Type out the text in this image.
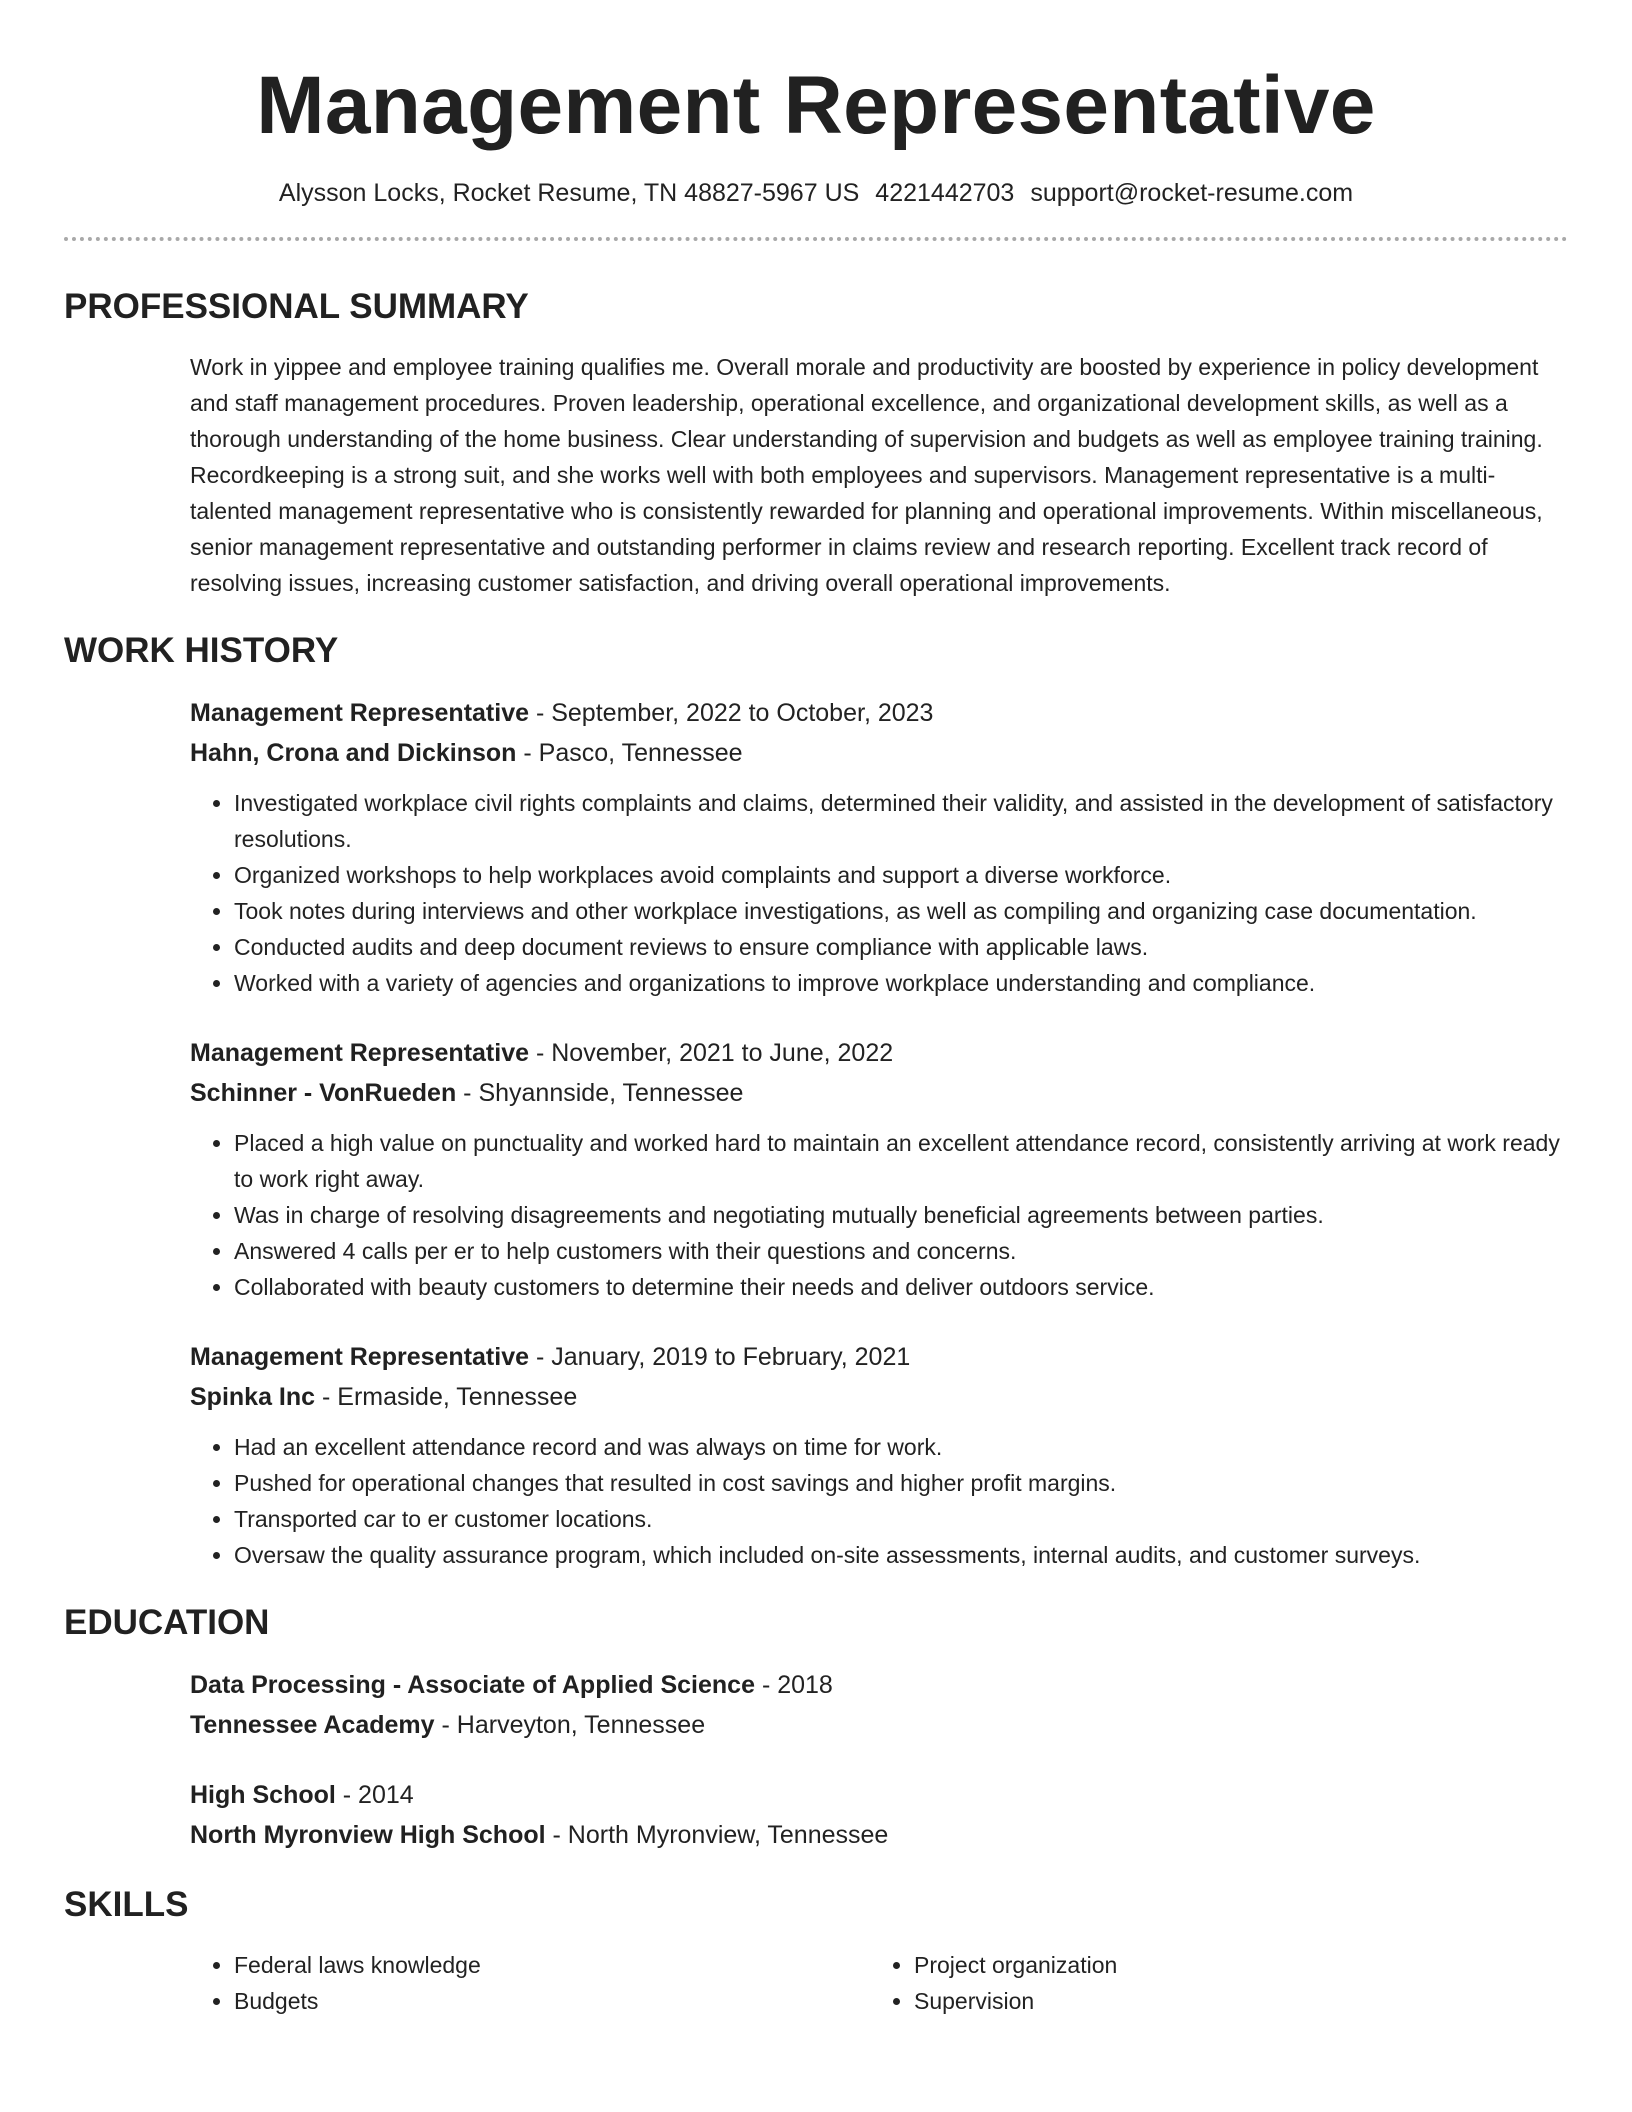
Management Representative
Alysson Locks, Rocket Resume, TN 48827-5967 US 4221442703 support@rocket-resume.com
PROFESSIONAL SUMMARY

Work in yippee and employee training qualifies me. Overall morale and productivity are boosted by experience in policy development and staff management procedures. Proven leadership, operational excellence, and organizational development skills, as well as a thorough understanding of the home business. Clear understanding of supervision and budgets as well as employee training training. Recordkeeping is a strong suit, and she works well with both employees and supervisors. Management representative is a multi-talented management representative who is consistently rewarded for planning and operational improvements. Within miscellaneous, senior management representative and outstanding performer in claims review and research reporting. Excellent track record of resolving issues, increasing customer satisfaction, and driving overall operational improvements.

WORK HISTORY
Management Representative - September, 2022 to October, 2023
Hahn, Crona and Dickinson - Pasco, Tennessee
• Investigated workplace civil rights complaints and claims, determined their validity, and assisted in the development of satisfactory resolutions.
• Organized workshops to help workplaces avoid complaints and support a diverse workforce.
• Took notes during interviews and other workplace investigations, as well as compiling and organizing case documentation.
• Conducted audits and deep document reviews to ensure compliance with applicable laws.
• Worked with a variety of agencies and organizations to improve workplace understanding and compliance.
Management Representative - November, 2021 to June, 2022
Schinner - VonRueden - Shyannside, Tennessee
• Placed a high value on punctuality and worked hard to maintain an excellent attendance record, consistently arriving at work ready to work right away.
• Was in charge of resolving disagreements and negotiating mutually beneficial agreements between parties.
• Answered 4 calls per er to help customers with their questions and concerns.
• Collaborated with beauty customers to determine their needs and deliver outdoors service.
Management Representative - January, 2019 to February, 2021
Spinka Inc - Ermaside, Tennessee
• Had an excellent attendance record and was always on time for work.
• Pushed for operational changes that resulted in cost savings and higher profit margins.
• Transported car to er customer locations.
• Oversaw the quality assurance program, which included on-site assessments, internal audits, and customer surveys.
EDUCATION
Data Processing - Associate of Applied Science - 2018
Tennessee Academy - Harveyton, Tennessee
High School - 2014
North Myronview High School - North Myronview, Tennessee
SKILLS
• Federal laws knowledge
• Budgets
• Project organization
• Supervision
